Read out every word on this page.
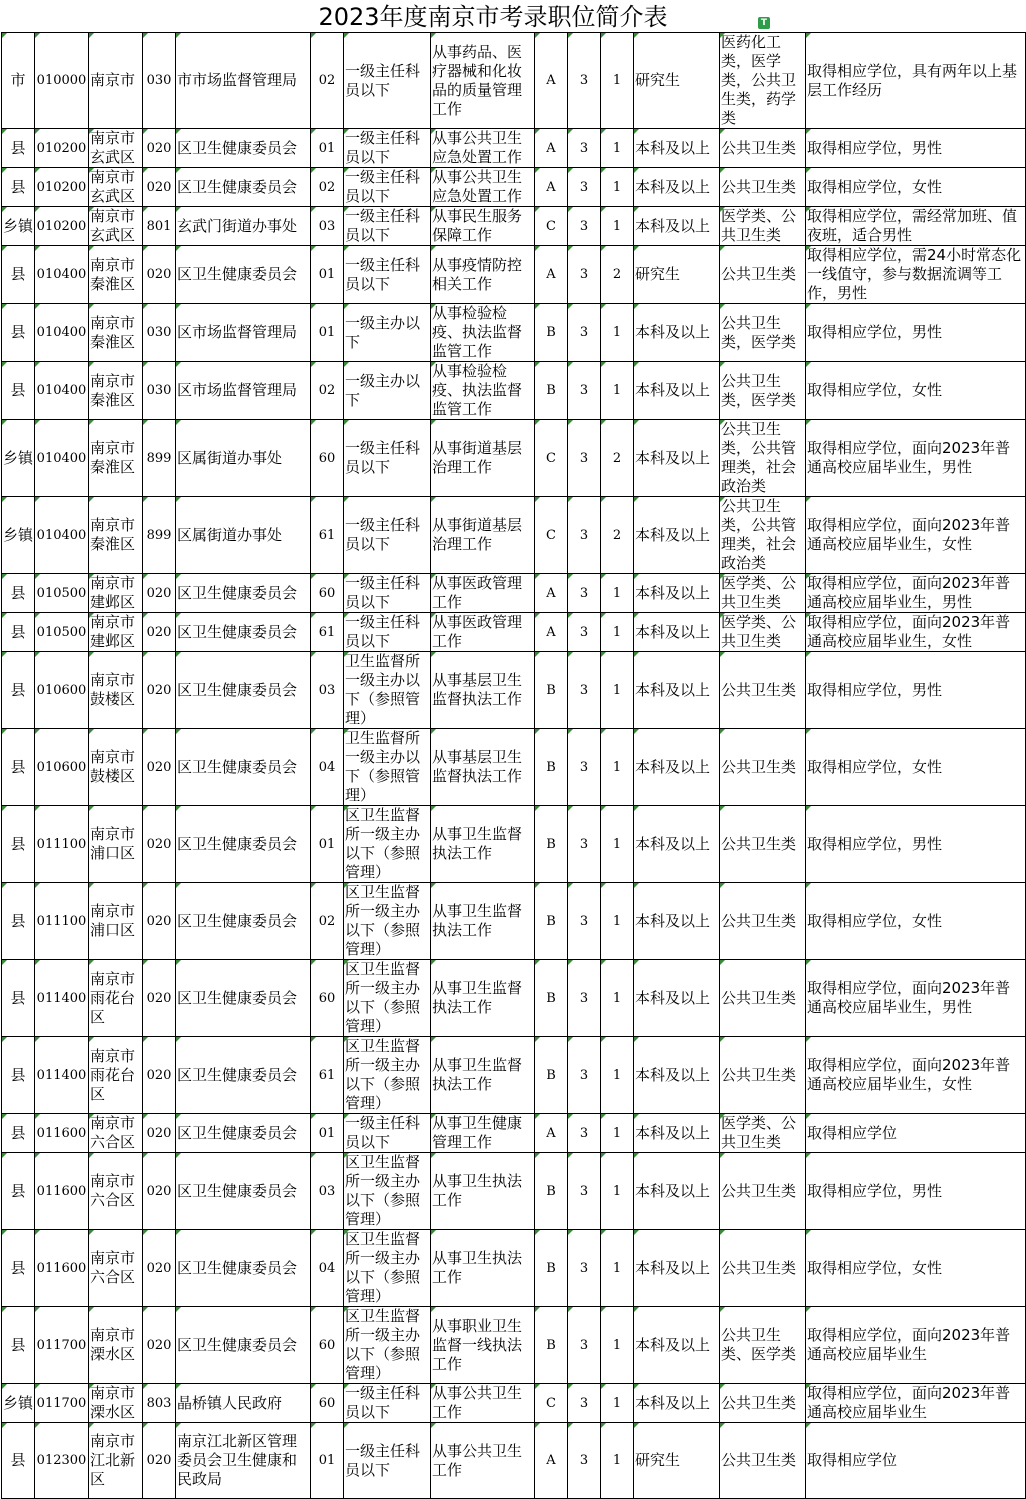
2023年度南京市考录职位简介表	T
市	010000	南京市	030	市市场监督管理局	02	一级主任科员以下	从事药品、医疗器械和化妆品的质量管理工作	A	3	1	研究生	医药化工类，医学类，公共卫生类，药学类	取得相应学位，具有两年以上基层工作经历

县	010200	南京市玄武区	020	区卫生健康委员会	01	一级主任科员以下	从事公共卫生应急处置工作	A	3	1	本科及以上	公共卫生类	取得相应学位，男性

县	010200	南京市玄武区	020	区卫生健康委员会	02	一级主任科员以下	从事公共卫生应急处置工作	A	3	1	本科及以上	公共卫生类	取得相应学位，女性

乡镇	010200	南京市玄武区	801	玄武门街道办事处	03	一级主任科员以下	从事民生服务保障工作	C	3	1	本科及以上	医学类、公共卫生类	取得相应学位，需经常加班、值夜班，适合男性

县	010400	南京市秦淮区	020	区卫生健康委员会	01	一级主任科员以下	从事疫情防控相关工作	A	3	2	研究生	公共卫生类	取得相应学位，需24小时常态化一线值守，参与数据流调等工作，男性

县	010400	南京市秦淮区	030	区市场监督管理局	01	一级主办以下	从事检验检疫、执法监督监管工作	B	3	1	本科及以上	公共卫生类，医学类	取得相应学位，男性

县	010400	南京市秦淮区	030	区市场监督管理局	02	一级主办以下	从事检验检疫、执法监督监管工作	B	3	1	本科及以上	公共卫生类，医学类	取得相应学位，女性

乡镇	010400	南京市秦淮区	899	区属街道办事处	60	一级主任科员以下	从事街道基层治理工作	C	3	2	本科及以上	公共卫生类，公共管理类，社会政治类	取得相应学位，面向2023年普通高校应届毕业生，男性

乡镇	010400	南京市秦淮区	899	区属街道办事处	61	一级主任科员以下	从事街道基层治理工作	C	3	2	本科及以上	公共卫生类，公共管理类，社会政治类	取得相应学位，面向2023年普通高校应届毕业生，女性

县	010500	南京市建邺区	020	区卫生健康委员会	60	一级主任科员以下	从事医政管理工作	A	3	1	本科及以上	医学类、公共卫生类	取得相应学位，面向2023年普通高校应届毕业生，男性

县	010500	南京市建邺区	020	区卫生健康委员会	61	一级主任科员以下	从事医政管理工作	A	3	1	本科及以上	医学类、公共卫生类	取得相应学位，面向2023年普通高校应届毕业生，女性

县	010600	南京市鼓楼区	020	区卫生健康委员会	03	卫生监督所一级主办以下（参照管理）	从事基层卫生监督执法工作	B	3	1	本科及以上	公共卫生类	取得相应学位，男性

县	010600	南京市鼓楼区	020	区卫生健康委员会	04	卫生监督所一级主办以下（参照管理）	从事基层卫生监督执法工作	B	3	1	本科及以上	公共卫生类	取得相应学位，女性

县	011100	南京市浦口区	020	区卫生健康委员会	01	区卫生监督所一级主办以下（参照管理）	从事卫生监督执法工作	B	3	1	本科及以上	公共卫生类	取得相应学位，男性

县	011100	南京市浦口区	020	区卫生健康委员会	02	区卫生监督所一级主办以下（参照管理）	从事卫生监督执法工作	B	3	1	本科及以上	公共卫生类	取得相应学位，女性

县	011400	南京市雨花台区	020	区卫生健康委员会	60	区卫生监督所一级主办以下（参照管理）	从事卫生监督执法工作	B	3	1	本科及以上	公共卫生类	取得相应学位，面向2023年普通高校应届毕业生，男性

县	011400	南京市雨花台区	020	区卫生健康委员会	61	区卫生监督所一级主办以下（参照管理）	从事卫生监督执法工作	B	3	1	本科及以上	公共卫生类	取得相应学位，面向2023年普通高校应届毕业生，女性

县	011600	南京市六合区	020	区卫生健康委员会	01	一级主任科员以下	从事卫生健康管理工作	A	3	1	本科及以上	医学类、公共卫生类	取得相应学位

县	011600	南京市六合区	020	区卫生健康委员会	03	区卫生监督所一级主办以下（参照管理）	从事卫生执法工作	B	3	1	本科及以上	公共卫生类	取得相应学位，男性

县	011600	南京市六合区	020	区卫生健康委员会	04	区卫生监督所一级主办以下（参照管理）	从事卫生执法工作	B	3	1	本科及以上	公共卫生类	取得相应学位，女性

县	011700	南京市溧水区	020	区卫生健康委员会	60	区卫生监督所一级主办以下（参照管理）	从事职业卫生监督一线执法工作	B	3	1	本科及以上	公共卫生类、医学类	取得相应学位，面向2023年普通高校应届毕业生

乡镇	011700	南京市溧水区	803	晶桥镇人民政府	60	一级主任科员以下	从事公共卫生工作	C	3	1	本科及以上	公共卫生类	取得相应学位，面向2023年普通高校应届毕业生

县	012300	南京市江北新区	020	南京江北新区管理委员会卫生健康和民政局	01	一级主任科员以下	从事公共卫生工作	A	3	1	研究生	公共卫生类	取得相应学位
